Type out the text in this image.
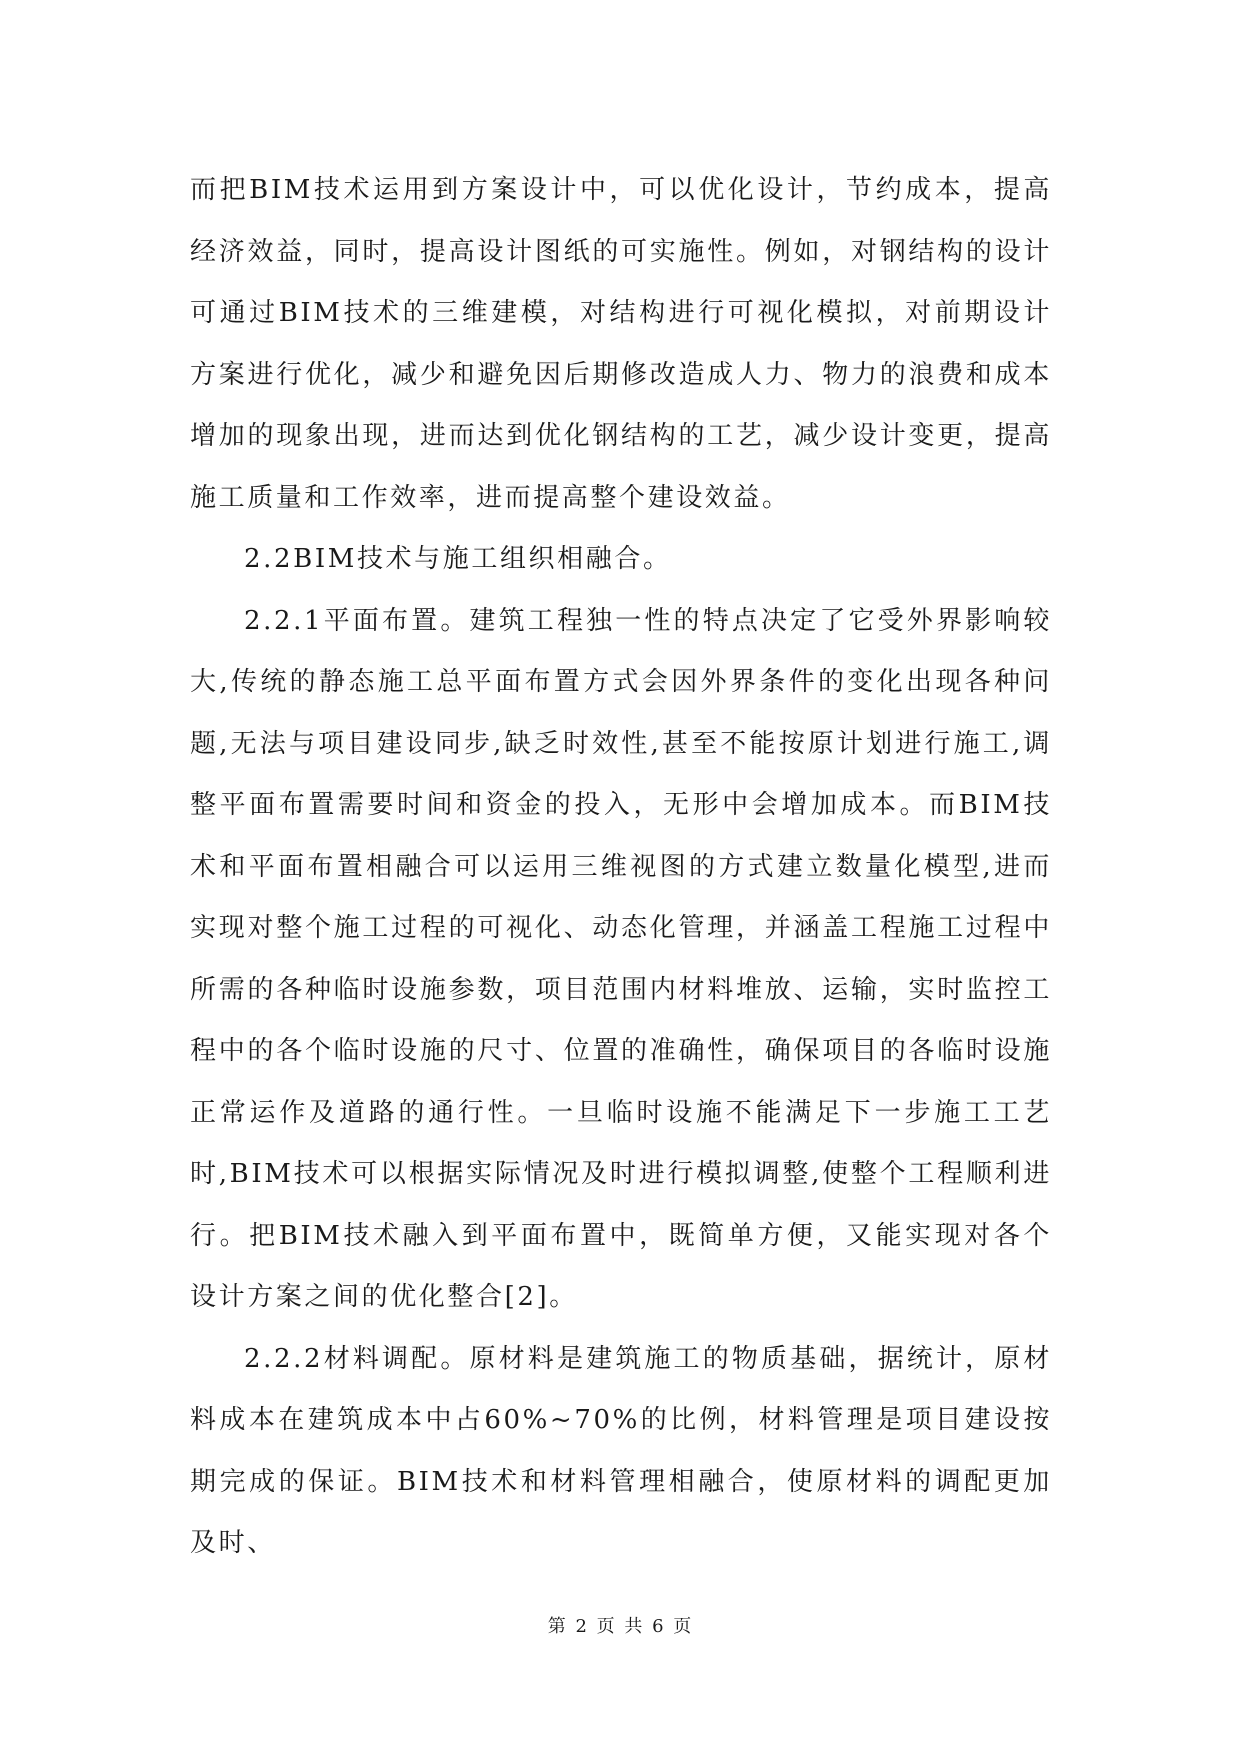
而把BIM技术运用到方案设计中，可以优化设计，节约成本，提高经济效益，同时，提高设计图纸的可实施性。例如，对钢结构的设计可通过BIM技术的三维建模，对结构进行可视化模拟，对前期设计方案进行优化，减少和避免因后期修改造成人力、物力的浪费和成本增加的现象出现，进而达到优化钢结构的工艺，减少设计变更，提高施工质量和工作效率，进而提高整个建设效益。

2.2BIM技术与施工组织相融合。

2.2.1平面布置。建筑工程独一性的特点决定了它受外界影响较大,传统的静态施工总平面布置方式会因外界条件的变化出现各种问题,无法与项目建设同步,缺乏时效性,甚至不能按原计划进行施工,调整平面布置需要时间和资金的投入，无形中会增加成本。而BIM技术和平面布置相融合可以运用三维视图的方式建立数量化模型,进而实现对整个施工过程的可视化、动态化管理，并涵盖工程施工过程中所需的各种临时设施参数，项目范围内材料堆放、运输，实时监控工程中的各个临时设施的尺寸、位置的准确性，确保项目的各临时设施正常运作及道路的通行性。一旦临时设施不能满足下一步施工工艺时,BIM技术可以根据实际情况及时进行模拟调整,使整个工程顺利进行。把BIM技术融入到平面布置中，既简单方便，又能实现对各个设计方案之间的优化整合[2]。

2.2.2材料调配。原材料是建筑施工的物质基础，据统计，原材料成本在建筑成本中占60%~70%的比例，材料管理是项目建设按期完成的保证。BIM技术和材料管理相融合，使原材料的调配更加及时、

第 2 页 共 6 页
